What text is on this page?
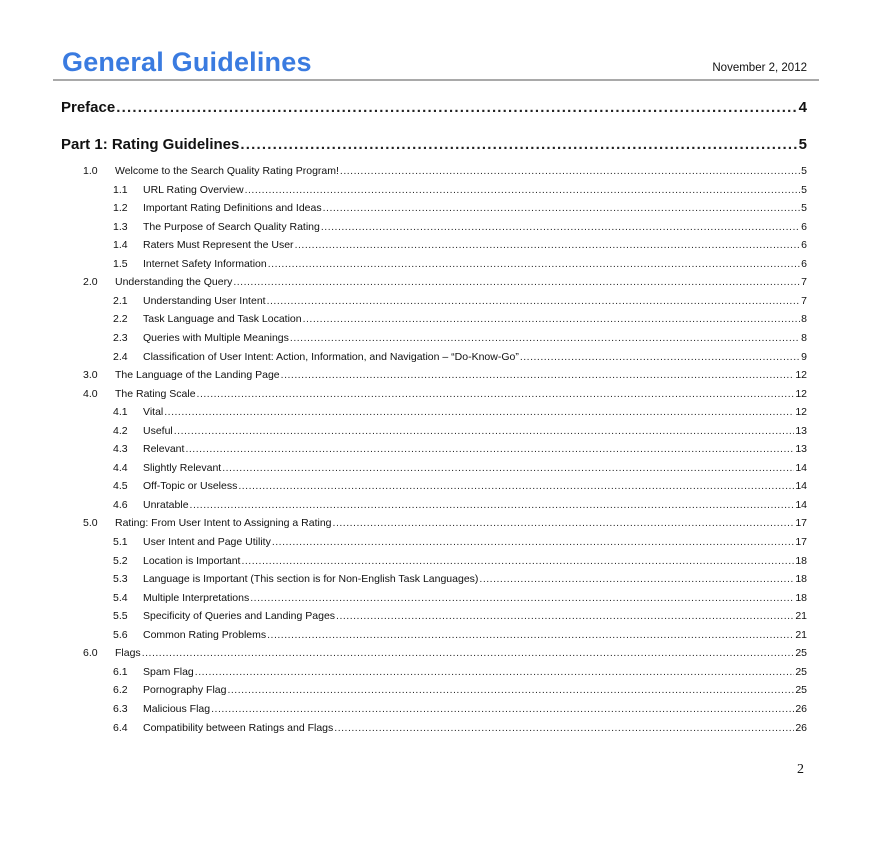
General Guidelines	November 2, 2012
Preface .....	4
Part 1: Rating Guidelines .....	5
1.0	Welcome to the Search Quality Rating Program! .....	5
1.1	URL Rating Overview .....	5
1.2	Important Rating Definitions and Ideas .....	5
1.3	The Purpose of Search Quality Rating .....	6
1.4	Raters Must Represent the User .....	6
1.5	Internet Safety Information .....	6
2.0	Understanding the Query .....	7
2.1	Understanding User Intent .....	7
2.2	Task Language and Task Location .....	8
2.3	Queries with Multiple Meanings .....	8
2.4	Classification of User Intent: Action, Information, and Navigation – “Do-Know-Go” .....	9
3.0	The Language of the Landing Page .....	12
4.0	The Rating Scale .....	12
4.1	Vital .....	12
4.2	Useful .....	13
4.3	Relevant .....	13
4.4	Slightly Relevant .....	14
4.5	Off-Topic or Useless .....	14
4.6	Unratable .....	14
5.0	Rating: From User Intent to Assigning a Rating .....	17
5.1	User Intent and Page Utility .....	17
5.2	Location is Important .....	18
5.3	Language is Important (This section is for Non-English Task Languages) .....	18
5.4	Multiple Interpretations .....	18
5.5	Specificity of Queries and Landing Pages .....	21
5.6	Common Rating Problems .....	21
6.0	Flags .....	25
6.1	Spam Flag .....	25
6.2	Pornography Flag .....	25
6.3	Malicious Flag .....	26
6.4	Compatibility between Ratings and Flags .....	26
2
